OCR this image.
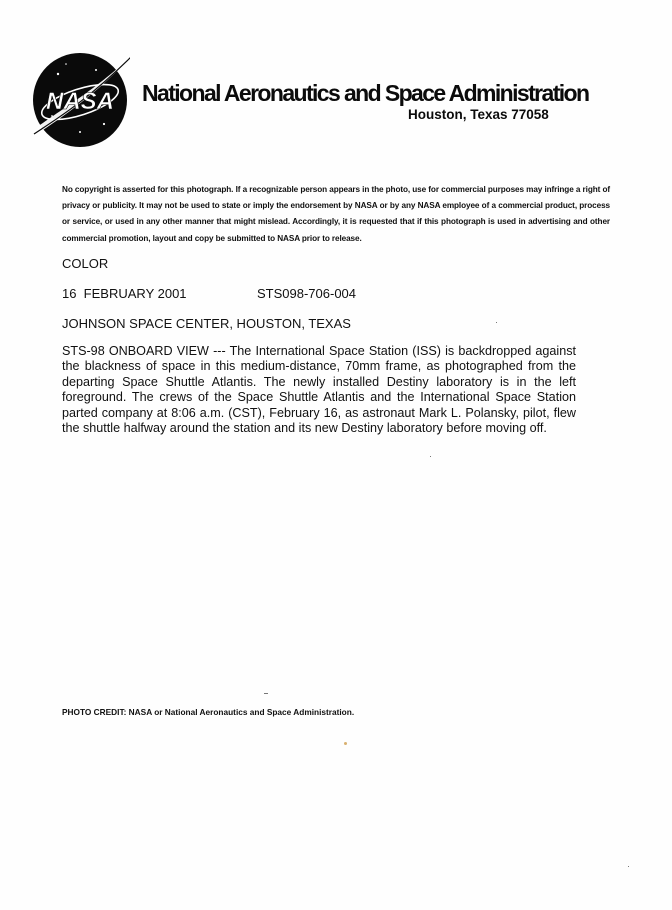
NASA National Aeronautics and Space Administration
Houston, Texas 77058
No copyright is asserted for this photograph. If a recognizable person appears in the photo, use for commercial purposes may infringe a right of privacy or publicity. It may not be used to state or imply the endorsement by NASA or by any NASA employee of a commercial product, process or service, or used in any other manner that might mislead. Accordingly, it is requested that if this photograph is used in advertising and other commercial promotion, layout and copy be submitted to NASA prior to release.
COLOR
16  FEBRUARY 2001	STS098-706-004
JOHNSON SPACE CENTER, HOUSTON, TEXAS
STS-98 ONBOARD VIEW --- The International Space Station (ISS) is backdropped against the blackness of space in this medium-distance, 70mm frame, as photographed from the departing Space Shuttle Atlantis. The newly installed Destiny laboratory is in the left foreground. The crews of the Space Shuttle Atlantis and the International Space Station parted company at 8:06 a.m. (CST), February 16, as astronaut Mark L. Polansky, pilot, flew the shuttle halfway around the station and its new Destiny laboratory before moving off.
PHOTO CREDIT: NASA or National Aeronautics and Space Administration.
